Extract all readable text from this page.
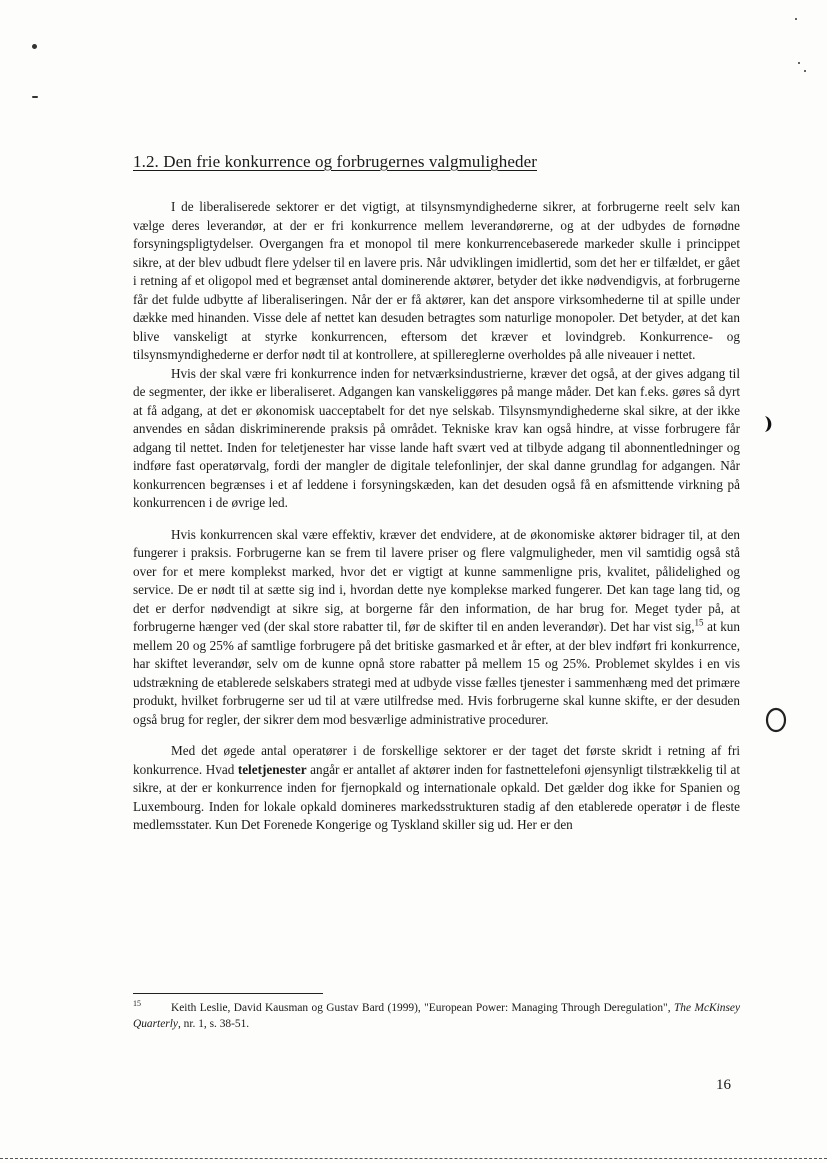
1.2. Den frie konkurrence og forbrugernes valgmuligheder

I de liberaliserede sektorer er det vigtigt, at tilsynsmyndighederne sikrer, at forbrugerne reelt selv kan vælge deres leverandør, at der er fri konkurrence mellem leverandørerne, og at der udbydes de fornødne forsyningspligtydelser. Overgangen fra et monopol til mere konkurrencebaserede markeder skulle i princippet sikre, at der blev udbudt flere ydelser til en lavere pris. Når udviklingen imidlertid, som det her er tilfældet, er gået i retning af et oligopol med et begrænset antal dominerende aktører, betyder det ikke nødvendigvis, at forbrugerne får det fulde udbytte af liberaliseringen. Når der er få aktører, kan det anspore virksomhederne til at spille under dække med hinanden. Visse dele af nettet kan desuden betragtes som naturlige monopoler. Det betyder, at det kan blive vanskeligt at styrke konkurrencen, eftersom det kræver et lovindgreb. Konkurrence- og tilsynsmyndighederne er derfor nødt til at kontrollere, at spillereglerne overholdes på alle niveauer i nettet.

Hvis der skal være fri konkurrence inden for netværksindustrierne, kræver det også, at der gives adgang til de segmenter, der ikke er liberaliseret. Adgangen kan vanskeliggøres på mange måder. Det kan f.eks. gøres så dyrt at få adgang, at det er økonomisk uacceptabelt for det nye selskab. Tilsynsmyndighederne skal sikre, at der ikke anvendes en sådan diskriminerende praksis på området. Tekniske krav kan også hindre, at visse forbrugere får adgang til nettet. Inden for teletjenester har visse lande haft svært ved at tilbyde adgang til abonnentledninger og indføre fast operatørvalg, fordi der mangler de digitale telefonlinjer, der skal danne grundlag for adgangen. Når konkurrencen begrænses i et af leddene i forsyningskæden, kan det desuden også få en afsmittende virkning på konkurrencen i de øvrige led.

Hvis konkurrencen skal være effektiv, kræver det endvidere, at de økonomiske aktører bidrager til, at den fungerer i praksis. Forbrugerne kan se frem til lavere priser og flere valgmuligheder, men vil samtidig også stå over for et mere komplekst marked, hvor det er vigtigt at kunne sammenligne pris, kvalitet, pålidelighed og service. De er nødt til at sætte sig ind i, hvordan dette nye komplekse marked fungerer. Det kan tage lang tid, og det er derfor nødvendigt at sikre sig, at borgerne får den information, de har brug for. Meget tyder på, at forbrugerne hænger ved (der skal store rabatter til, før de skifter til en anden leverandør). Det har vist sig,$^{15}$ at kun mellem 20 og 25% af samtlige forbrugere på det britiske gasmarked et år efter, at der blev indført fri konkurrence, har skiftet leverandør, selv om de kunne opnå store rabatter på mellem 15 og 25%. Problemet skyldes i en vis udstrækning de etablerede selskabers strategi med at udbyde visse fælles tjenester i sammenhæng med det primære produkt, hvilket forbrugerne ser ud til at være utilfredse med. Hvis forbrugerne skal kunne skifte, er der desuden også brug for regler, der sikrer dem mod besværlige administrative procedurer.

Med det øgede antal operatører i de forskellige sektorer er der taget det første skridt i retning af fri konkurrence. Hvad teletjenester angår er antallet af aktører inden for fastnettelefoni øjensynligt tilstrækkelig til at sikre, at der er konkurrence inden for fjernopkald og internationale opkald. Det gælder dog ikke for Spanien og Luxembourg. Inden for lokale opkald domineres markedsstrukturen stadig af den etablerede operatør i de fleste medlemsstater. Kun Det Forenede Kongerige og Tyskland skiller sig ud. Her er den

$^{15}$	Keith Leslie, David Kausman og Gustav Bard (1999), "European Power: Managing Through Deregulation", The McKinsey Quarterly, nr. 1, s. 38-51.
16
